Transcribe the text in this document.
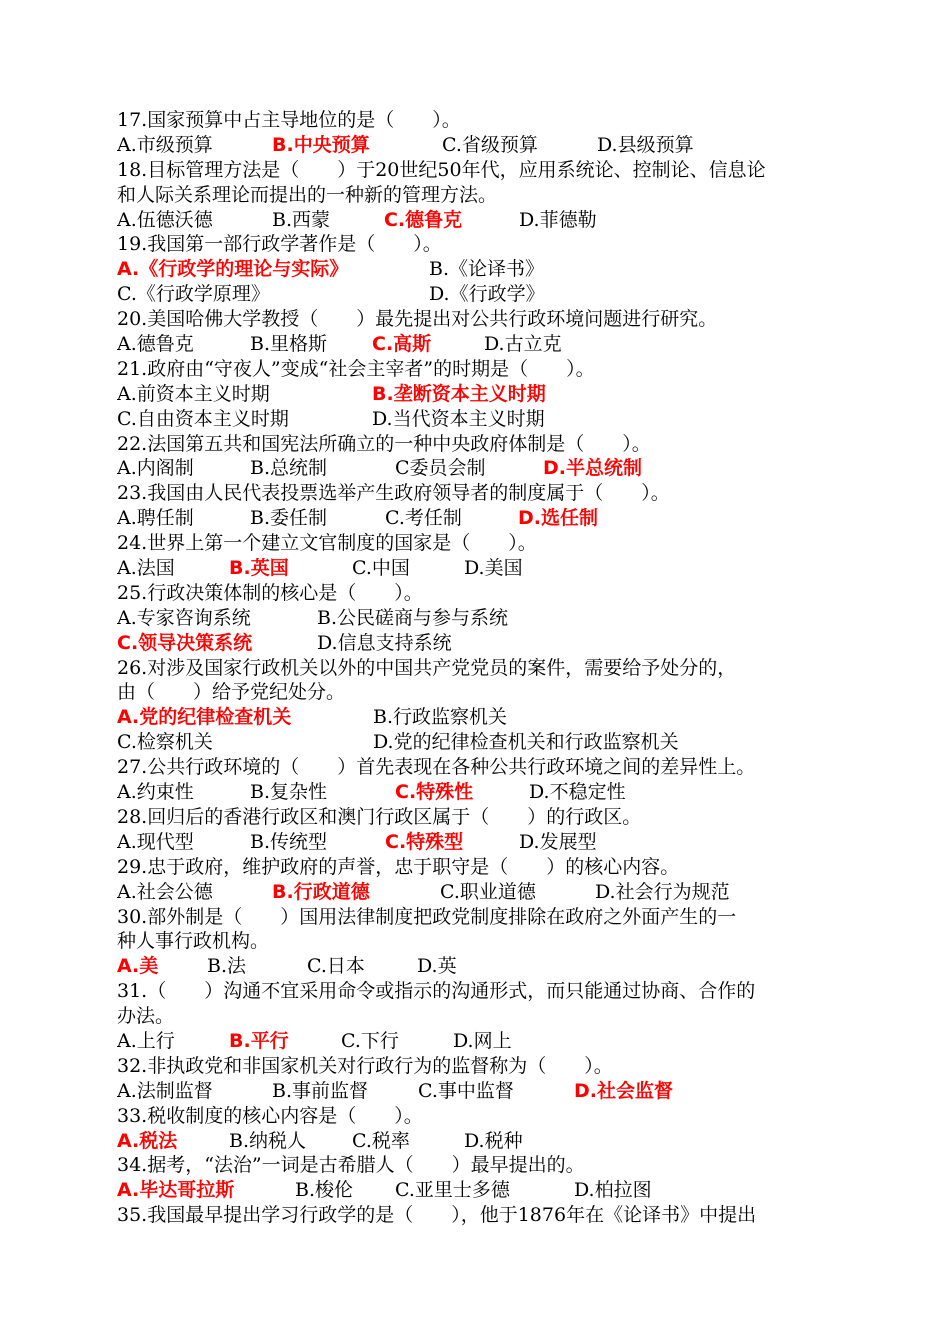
17.国家预算中占主导地位的是（　　）。
A.市级预算	B.中央预算	C.省级预算	D.县级预算
18.目标管理方法是（　　）于20世纪50年代，应用系统论、控制论、信息论
和人际关系理论而提出的一种新的管理方法。
A.伍德沃德	B.西蒙	C.德鲁克	D.菲德勒
19.我国第一部行政学著作是（　　）。
A.《行政学的理论与实际》	B.《论译书》
C.《行政学原理》	D.《行政学》
20.美国哈佛大学教授（　　）最先提出对公共行政环境问题进行研究。
A.德鲁克	B.里格斯 C.高斯	D.古立克
21.政府由“守夜人”变成“社会主宰者”的时期是（　　）。
A.前资本主义时期	B.垄断资本主义时期
C.自由资本主义时期	D.当代资本主义时期
22.法国第五共和国宪法所确立的一种中央政府体制是（　　）。
A.内阁制	B.总统制	C委员会制	D.半总统制
23.我国由人民代表投票选举产生政府领导者的制度属于（　　）。
A.聘任制	B.委任制	C.考任制	D.选任制
24.世界上第一个建立文官制度的国家是（　　）。
A.法国	B.英国	C.中国	D.美国
25.行政决策体制的核心是（　　）。
A.专家咨询系统	B.公民磋商与参与系统
C.领导决策系统	D.信息支持系统
26.对涉及国家行政机关以外的中国共产党党员的案件，需要给予处分的，
由（　　）给予党纪处分。
A.党的纪律检查机关	B.行政监察机关
C.检察机关	D.党的纪律检查机关和行政监察机关
27.公共行政环境的（　　）首先表现在各种公共行政环境之间的差异性上。
A.约束性	B.复杂性	C.特殊性	D.不稳定性
28.回归后的香港行政区和澳门行政区属于（　　）的行政区。
A.现代型	B.传统型	C.特殊型	D.发展型
29.忠于政府，维护政府的声誉，忠于职守是（　　）的核心内容。
A.社会公德	B.行政道德	C.职业道德	D.社会行为规范
30.部外制是（　　）国用法律制度把政党制度排除在政府之外面产生的一
种人事行政机构。
A.美	B.法	C.日本	D.英
31.（　　）沟通不宜采用命令或指示的沟通形式，而只能通过协商、合作的
办法。
A.上行	B.平行	C.下行	D.网上
32.非执政党和非国家机关对行政行为的监督称为（　　）。
A.法制监督	B.事前监督	C.事中监督	D.社会监督
33.税收制度的核心内容是（　　）。
A.税法	B.纳税人 C.税率	D.税种
34.据考，“法治”一词是古希腊人（　　）最早提出的。
A.毕达哥拉斯	B.梭伦 C.亚里士多德	D.柏拉图
35.我国最早提出学习行政学的是（　　），他于1876年在《论译书》中提出
